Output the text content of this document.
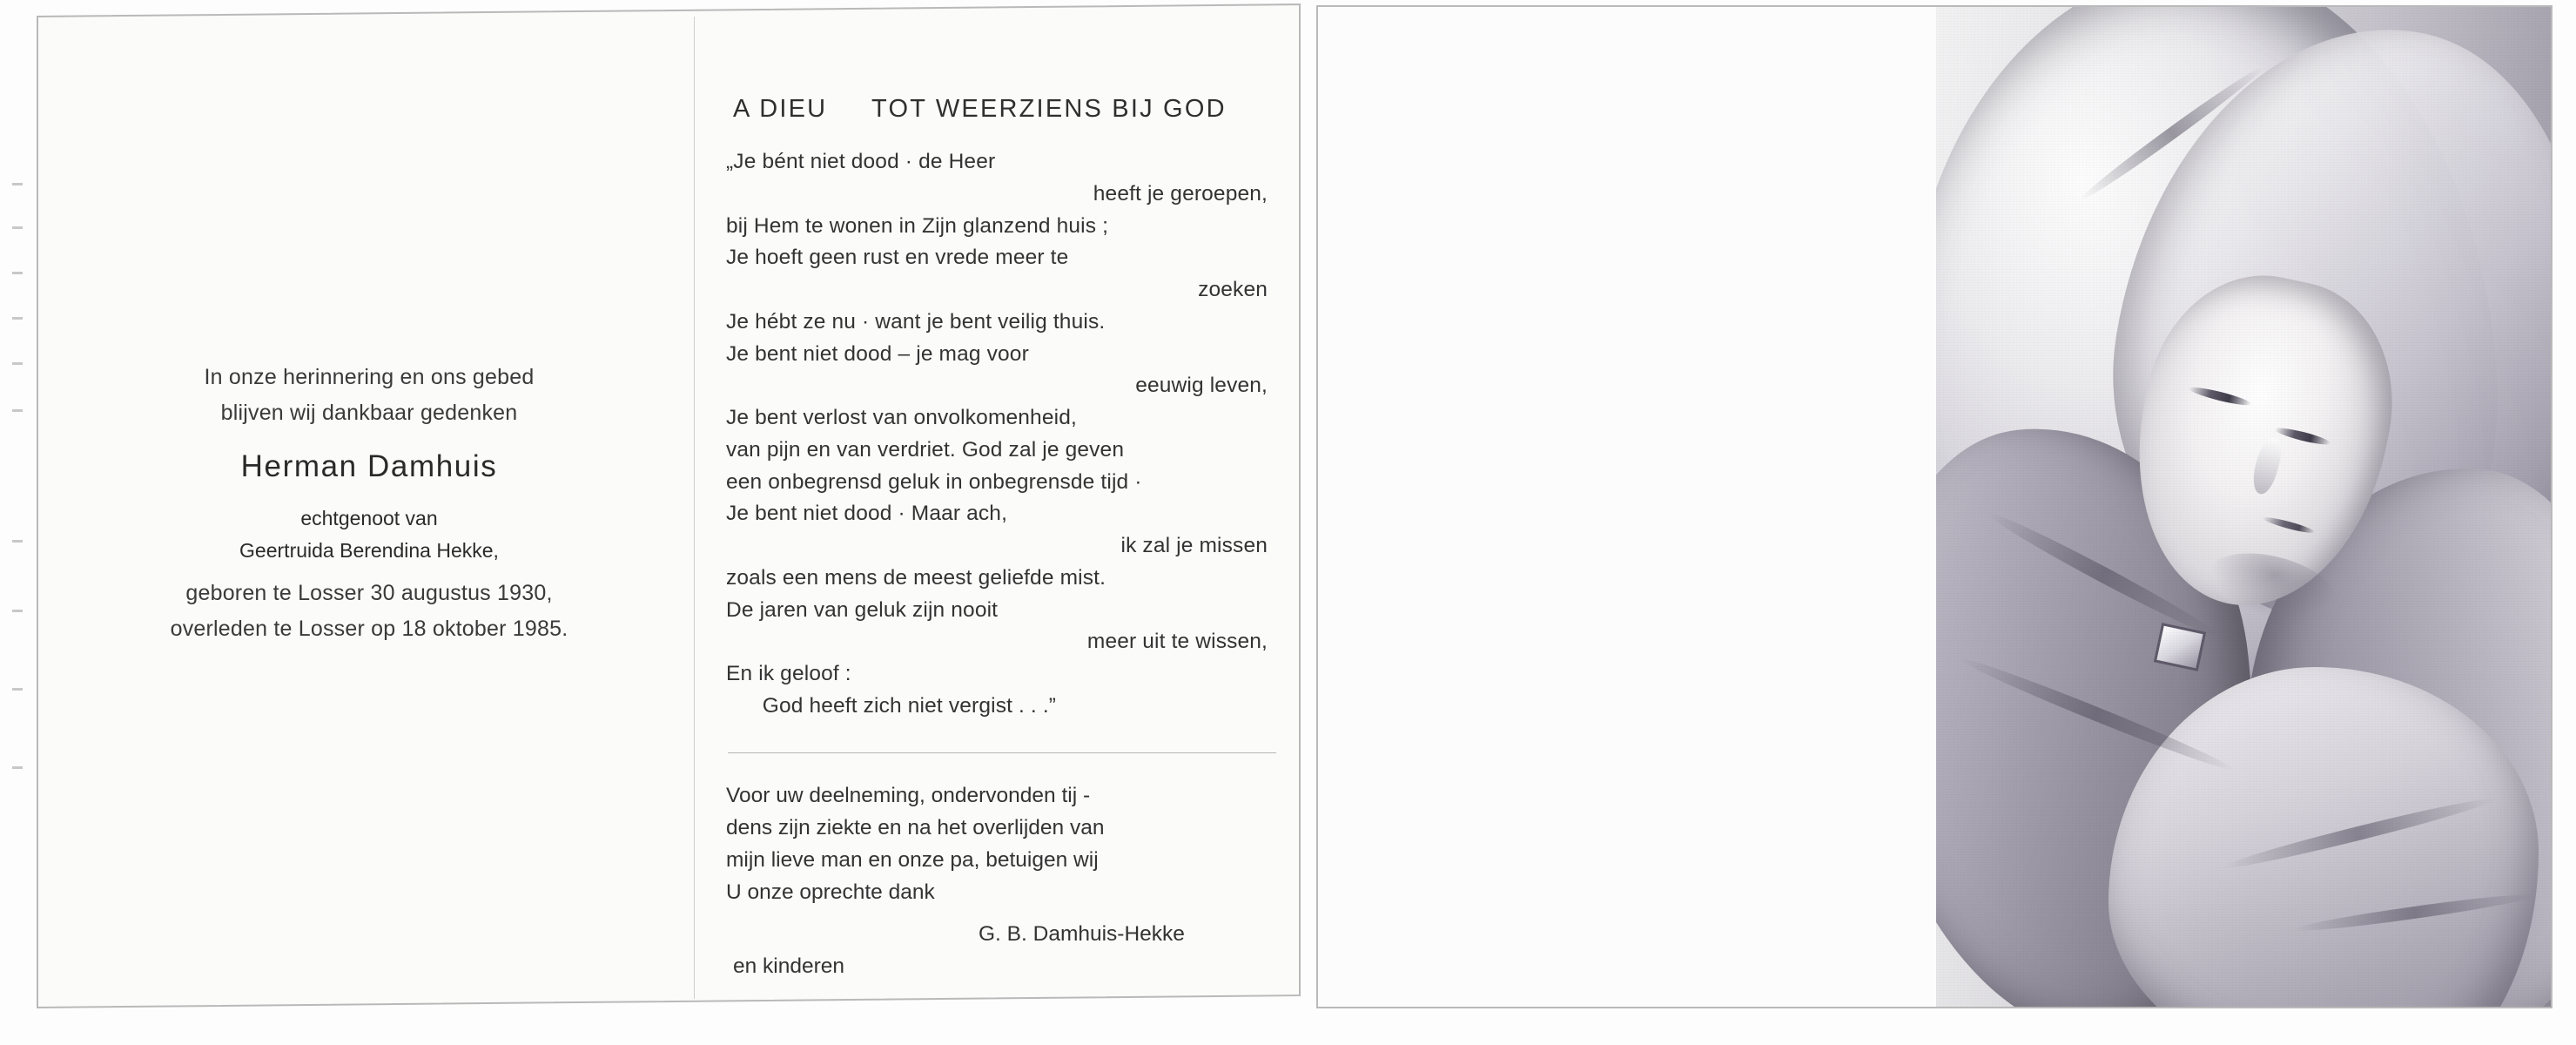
In onze herinnering en ons gebed
blijven wij dankbaar gedenken
Herman Damhuis
echtgenoot van
Geertruida Berendina Hekke,
geboren te Losser 30 augustus 1930,
overleden te Losser op 18 oktober 1985.
A DIEU     TOT WEERZIENS BIJ GOD
„Je bént niet dood · de Heer
heeft je geroepen,
bij Hem te wonen in Zijn glanzend huis ;
Je hoeft geen rust en vrede meer te
zoeken
Je hébt ze nu · want je bent veilig thuis.
Je bent niet dood – je mag voor
eeuwig leven,
Je bent verlost van onvolkomenheid,
van pijn en van verdriet. God zal je geven
een onbegrensd geluk in onbegrensde tijd ·
Je bent niet dood · Maar ach,
ik zal je missen
zoals een mens de meest geliefde mist.
De jaren van geluk zijn nooit
meer uit te wissen,
En ik geloof :
God heeft zich niet vergist . . .”
Voor uw deelneming, ondervonden tij -
dens zijn ziekte en na het overlijden van
mijn lieve man en onze pa, betuigen wij
U onze oprechte dank
G. B. Damhuis-Hekke
en kinderen
